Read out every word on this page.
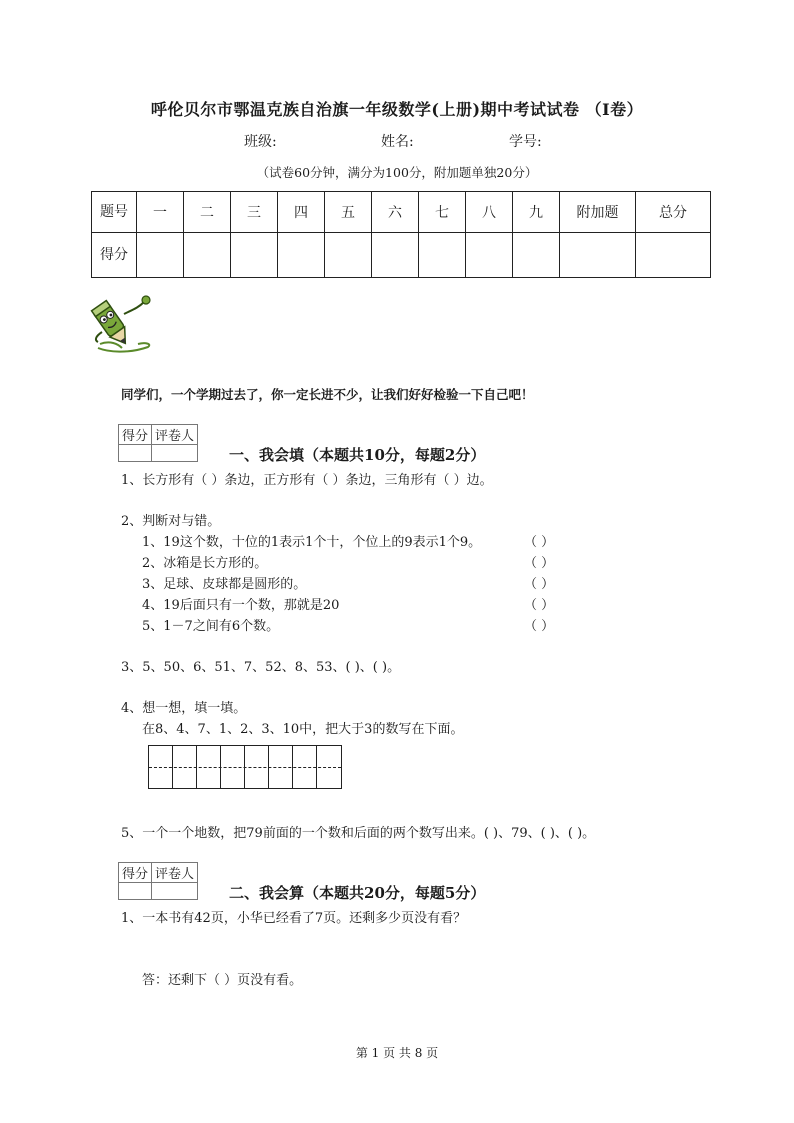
呼伦贝尔市鄂温克族自治旗一年级数学(上册)期中考试试卷 （I卷）
班级:	姓名:	学号:
（试卷60分钟，满分为100分，附加题单独20分）
题号	一	二	三	四	五	六	七	八	九	附加题	总分
得分											
同学们，一个学期过去了，你一定长进不少，让我们好好检验一下自己吧！
得分	评卷人

一、我会填（本题共10分，每题2分）
1、长方形有（ ）条边，正方形有（ ）条边，三角形有（ ）边。
2、判断对与错。
1、19这个数，十位的1表示1个十，个位上的9表示1个9。	（ ）
2、冰箱是长方形的。	（ ）
3、足球、皮球都是圆形的。	（ ）
4、19后面只有一个数，那就是20	（ ）
5、1－7之间有6个数。	（ ）
3、5、50、6、51、7、52、8、53、( )、( )。
4、想一想，填一填。
在8、4、7、1、2、3、10中，把大于3的数写在下面。
5、一个一个地数，把79前面的一个数和后面的两个数写出来。( )、79、( )、( )。
得分	评卷人

二、我会算（本题共20分，每题5分）
1、一本书有42页，小华已经看了7页。还剩多少页没有看？
答：还剩下（ ）页没有看。
第 1 页 共 8 页
